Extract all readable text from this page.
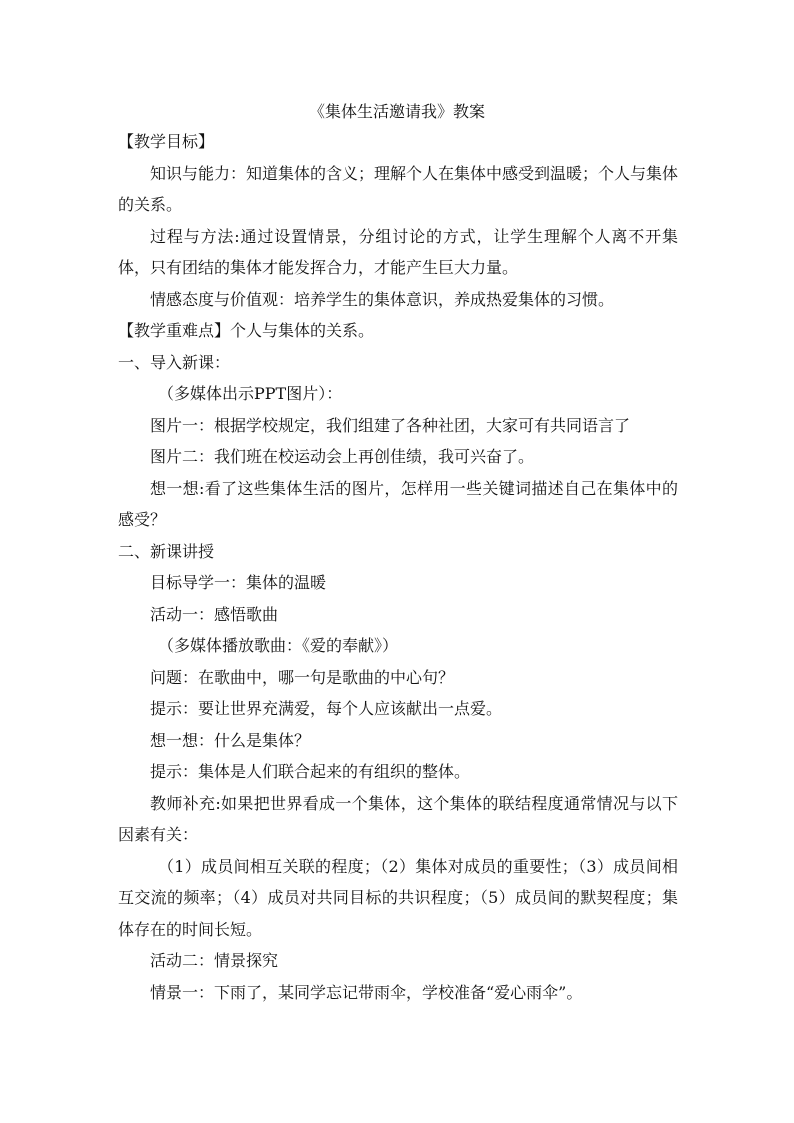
《集体生活邀请我》教案

【教学目标】

知识与能力：知道集体的含义；理解个人在集体中感受到温暖；个人与集体的关系。

过程与方法:通过设置情景，分组讨论的方式，让学生理解个人离不开集体，只有团结的集体才能发挥合力，才能产生巨大力量。

情感态度与价值观：培养学生的集体意识，养成热爱集体的习惯。

【教学重难点】个人与集体的关系。

一、导入新课：

（多媒体出示PPT图片）：

图片一：根据学校规定，我们组建了各种社团，大家可有共同语言了

图片二：我们班在校运动会上再创佳绩，我可兴奋了。

想一想:看了这些集体生活的图片，怎样用一些关键词描述自己在集体中的感受？

二、新课讲授

目标导学一：集体的温暖

活动一：感悟歌曲

（多媒体播放歌曲：《爱的奉献》）

问题：在歌曲中，哪一句是歌曲的中心句？

提示：要让世界充满爱，每个人应该献出一点爱。

想一想：什么是集体？

提示：集体是人们联合起来的有组织的整体。

教师补充:如果把世界看成一个集体，这个集体的联结程度通常情况与以下因素有关：

（1）成员间相互关联的程度；（2）集体对成员的重要性；（3）成员间相互交流的频率；（4）成员对共同目标的共识程度；（5）成员间的默契程度；集体存在的时间长短。

活动二：情景探究

情景一：下雨了，某同学忘记带雨伞，学校准备“爱心雨伞”。
